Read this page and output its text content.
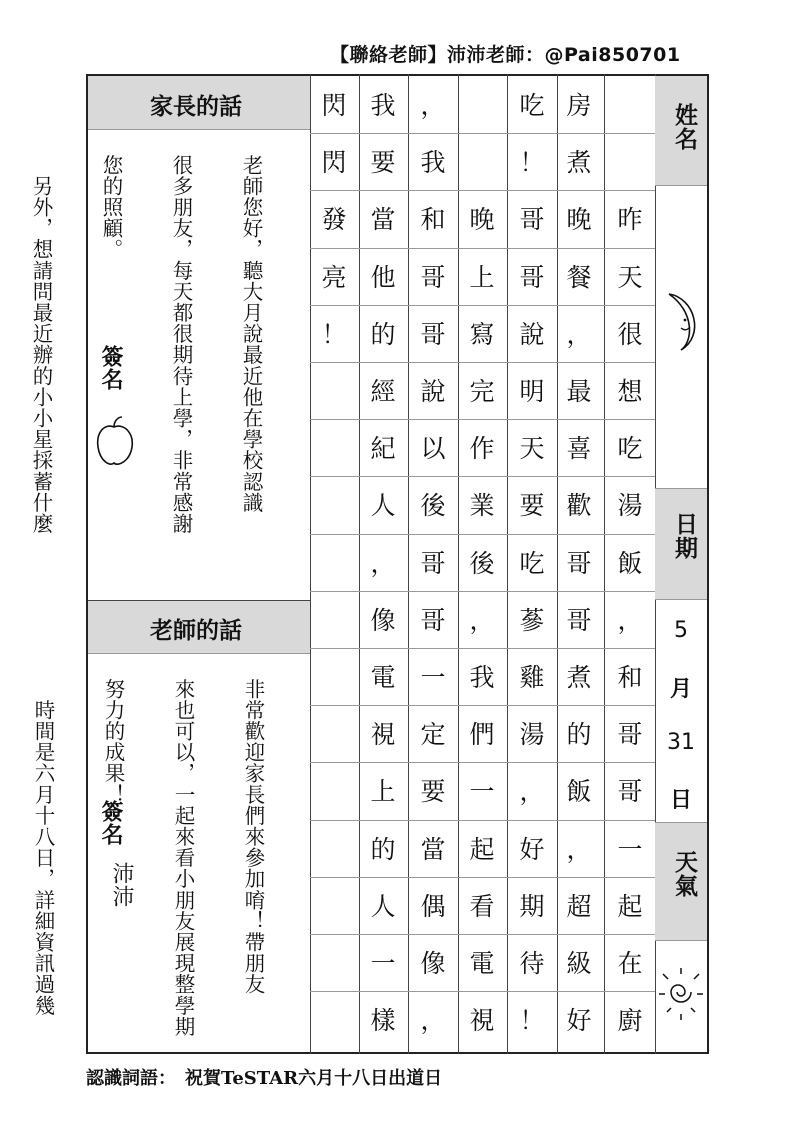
【聯絡老師】沛沛老師：@Pai850701
家長的話
老師的話

老師您好，聽大月說最近他在學校認識

很多朋友，每天都很期待上學，非常感謝

您的照顧。

　另外，想請問最近辦的小小星採蓄什麼

	簽名

非常歡迎家長們來參加唷！帶朋友

來也可以，一起來看小朋友展現整學期

努力的成果！

　時間是六月十八日，詳細資訊過幾

	簽名
沛沛
昨
天
很
想
吃
湯
飯
，
和
哥
哥
一
起
在
廚
房
煮
晚
餐
，
最
喜
歡
哥
哥
煮
的
飯
，
超
級
好
吃
！
哥
哥
說
明
天
要
吃
蔘
雞
湯
，
好
期
待
！
晚
上
寫
完
作
業
後
，
我
們
一
起
看
電
視
，
我
和
哥
哥
說
以
後
哥
哥
一
定
要
當
偶
像
，
我
要
當
他
的
經
紀
人
，
像
電
視
上
的
人
一
樣
閃
閃
發
亮
！
姓名
日期
天氣
5
月
31
日
認識詞語：　祝賀TeSTAR六月十八日出道日
